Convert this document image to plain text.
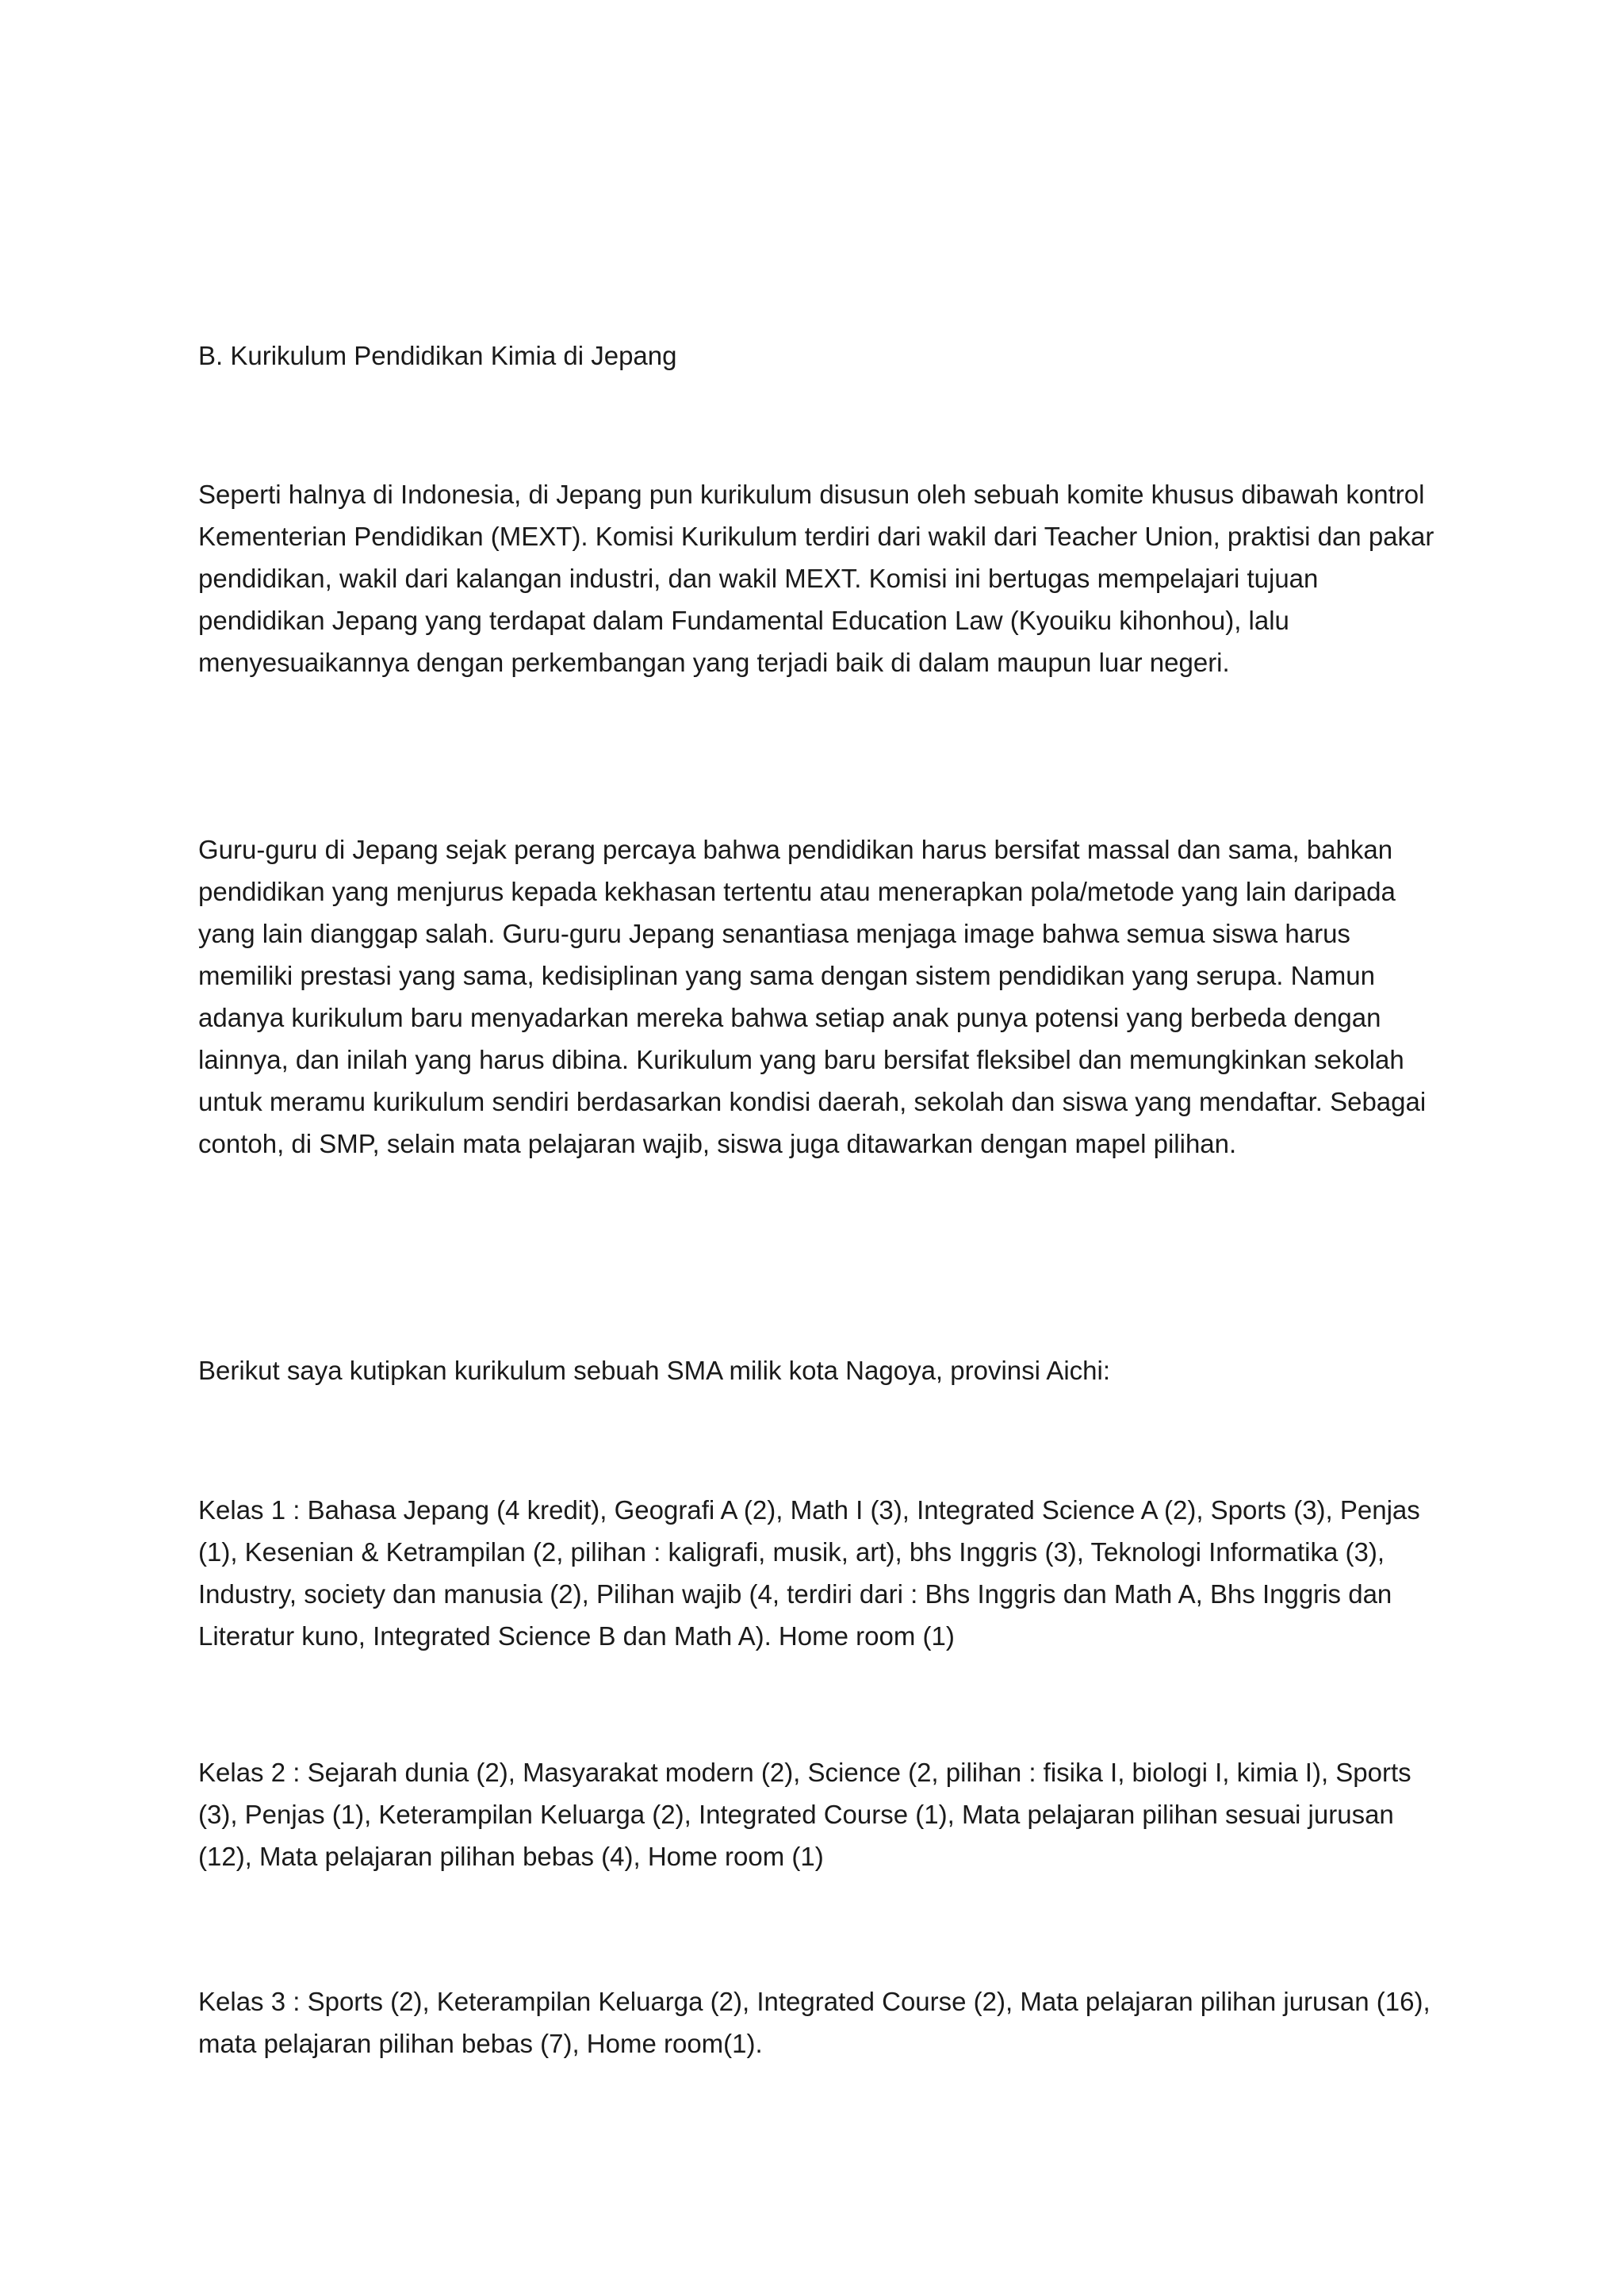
B. Kurikulum Pendidikan Kimia di Jepang

Seperti halnya di Indonesia, di Jepang pun kurikulum disusun oleh sebuah komite khusus dibawah kontrol Kementerian Pendidikan (MEXT). Komisi Kurikulum terdiri dari wakil dari Teacher Union, praktisi dan pakar pendidikan, wakil dari kalangan industri, dan wakil MEXT. Komisi ini bertugas mempelajari tujuan pendidikan Jepang yang terdapat dalam Fundamental Education Law (Kyouiku kihonhou), lalu menyesuaikannya dengan perkembangan yang terjadi baik di dalam maupun luar negeri.

Guru-guru di Jepang sejak perang percaya bahwa pendidikan harus bersifat massal dan sama, bahkan pendidikan yang menjurus kepada kekhasan tertentu atau menerapkan pola/metode yang lain daripada yang lain dianggap salah. Guru-guru Jepang senantiasa menjaga image bahwa semua siswa harus memiliki prestasi yang sama, kedisiplinan yang sama dengan sistem pendidikan yang serupa. Namun adanya kurikulum baru menyadarkan mereka bahwa setiap anak punya potensi yang berbeda dengan lainnya, dan inilah yang harus dibina. Kurikulum yang baru bersifat fleksibel dan memungkinkan sekolah untuk meramu kurikulum sendiri berdasarkan kondisi daerah, sekolah dan siswa yang mendaftar. Sebagai contoh, di SMP, selain mata pelajaran wajib, siswa juga ditawarkan dengan mapel pilihan.

Berikut saya kutipkan kurikulum sebuah SMA milik kota Nagoya, provinsi Aichi:

Kelas 1 : Bahasa Jepang (4 kredit), Geografi A (2), Math I (3), Integrated Science A (2), Sports (3), Penjas (1), Kesenian & Ketrampilan (2, pilihan : kaligrafi, musik, art), bhs Inggris (3), Teknologi Informatika (3), Industry, society dan manusia (2), Pilihan wajib (4, terdiri dari : Bhs Inggris dan Math A, Bhs Inggris dan Literatur kuno, Integrated Science B dan Math A). Home room (1)

Kelas 2 : Sejarah dunia (2), Masyarakat modern (2), Science (2, pilihan : fisika I, biologi I, kimia I), Sports (3), Penjas (1), Keterampilan Keluarga (2), Integrated Course (1), Mata pelajaran pilihan sesuai jurusan (12), Mata pelajaran pilihan bebas (4), Home room (1)

Kelas 3 : Sports (2), Keterampilan Keluarga (2), Integrated Course (2), Mata pelajaran pilihan jurusan (16), mata pelajaran pilihan bebas (7), Home room(1).
